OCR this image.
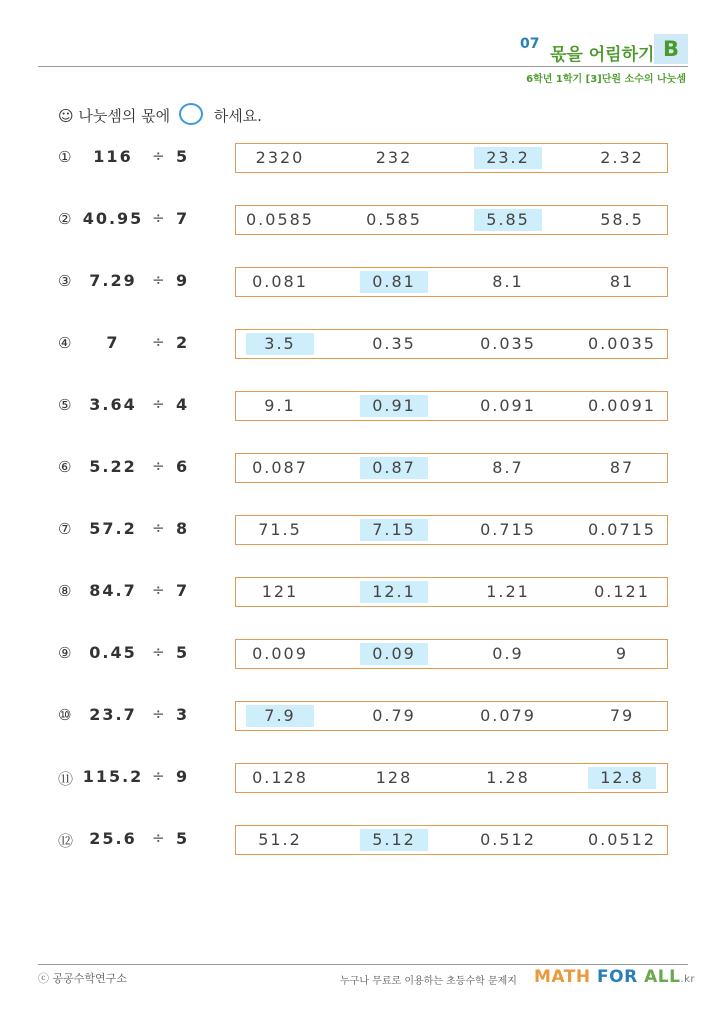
07
몫을 어림하기 B
6학년 1학기 [3]단원 소수의 나눗셈
☺ 나눗셈의 몫에	하세요.
①	116	÷ 5	2320	232	23.2	2.32
② 40.95 ÷ 7	0.0585	0.585	5.85	58.5
③	7.29	÷ 9	0.081	0.81	8.1	81
④	7	÷ 2	3.5	0.35	0.035	0.0035
⑤	3.64	÷ 4	9.1	0.91	0.091	0.0091
⑥	5.22	÷ 6	0.087	0.87	8.7	87
⑦	57.2	÷ 8	71.5	7.15	0.715	0.0715
⑧	84.7	÷ 7	121	12.1	1.21	0.121
⑨	0.45	÷ 5	0.009	0.09	0.9	9
⑩	23.7	÷ 3	7.9	0.79	0.079	79
⑪ 115.2 ÷ 9	0.128	128	1.28	12.8
⑫	25.6	÷ 5	51.2	5.12	0.512	0.0512
ⓒ 공공수학연구소	누구나 무료로 이용하는 초등수학 문제지 MATH FOR ALL.kr
